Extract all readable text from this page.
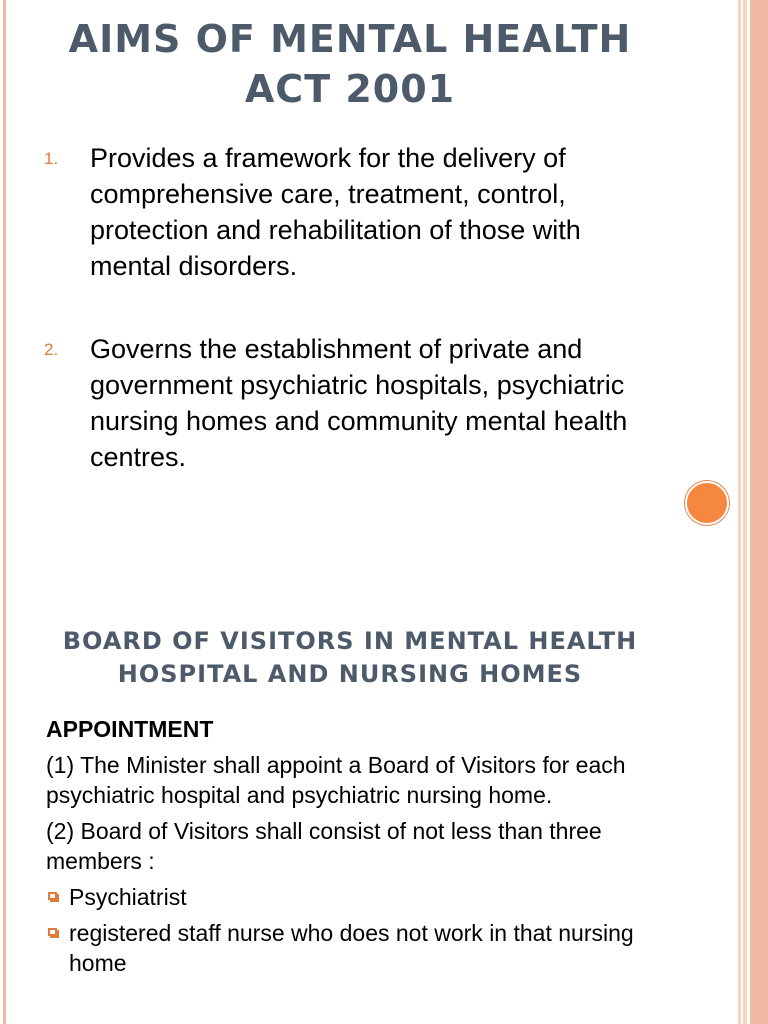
AIMS OF MENTAL HEALTH ACT 2001
1. Provides a framework for the delivery of comprehensive care, treatment, control, protection and rehabilitation of those with mental disorders.
2. Governs the establishment of private and government psychiatric hospitals, psychiatric nursing homes and community mental health centres.
BOARD OF VISITORS IN MENTAL HEALTH HOSPITAL AND NURSING HOMES

APPOINTMENT

(1) The Minister shall appoint a Board of Visitors for each psychiatric hospital and psychiatric nursing home.

(2) Board of Visitors shall consist of not less than three members :

Psychiatrist
registered staff nurse who does not work in that nursing home
